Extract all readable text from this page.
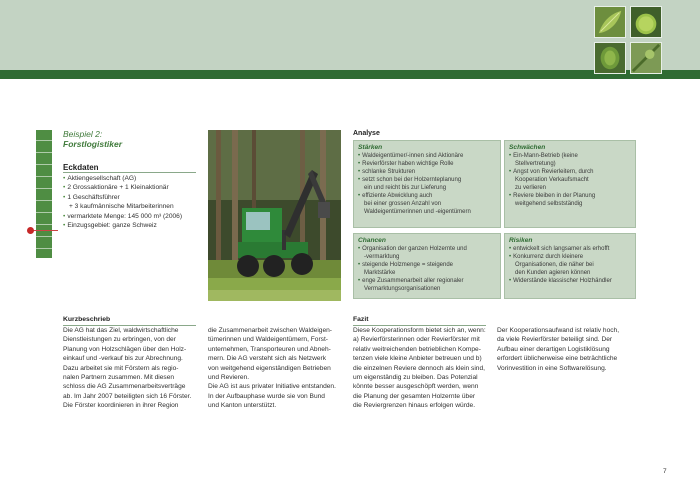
Beispiel 2:
Forstlogistiker
Eckdaten
• Aktiengesellschaft (AG)
• 2 Grossaktionäre + 1 Kleinaktionär
• 1 Geschäftsführer
+ 3 kaufmännische Mitarbeiterinnen
• vermarktete Menge: 145 000 m³ (2006)
• Einzugsgebiet: ganze Schweiz
Analyse
Stärken
• Waldeigentümer/-innen sind Aktionäre
• Revierförster haben wichtige Rolle
• schlanke Strukturen
• setzt schon bei der Holzernteplanung
ein und reicht bis zur Lieferung
• effiziente Abwicklung auch
bei einer grossen Anzahl von
Waldeigentümerinnen und -eigentümern
Schwächen
• Ein-Mann-Betrieb (keine
Stellvertretung)
• Angst von Revierleitern, durch
Kooperation Verkaufsmacht
zu verlieren
• Reviere bleiben in der Planung
weitgehend selbstständig
Chancen
• Organisation der ganzen Holzernte und
-vermarktung
• steigende Holzmenge = steigende
Marktstärke
• enge Zusammenarbeit aller regionaler
Vermarktungsorganisationen
Risiken
• entwickelt sich langsamer als erhofft
• Konkurrenz durch kleinere
Organisationen, die näher bei
den Kunden agieren können
• Widerstände klassischer Holzhändler
Kurzbeschrieb
Die AG hat das Ziel, waldwirtschaftliche
Dienstleistungen zu erbringen, von der
Planung von Holzschlägen über den Holz-
einkauf und -verkauf bis zur Abrechnung.
Dazu arbeitet sie mit Förstern als regio-
nalen Partnern zusammen. Mit diesen
schloss die AG Zusammenarbeitsverträge
ab. Im Jahr 2007 beteiligten sich 16 Förster.
Die Förster koordinieren in ihrer Region
die Zusammenarbeit zwischen Waldeigen-
tümerinnen und Waldeigentümern, Forst-
unternehmen, Transporteuren und Abneh-
mern. Die AG versteht sich als Netzwerk
von weitgehend eigenständigen Betrieben
und Revieren.
Die AG ist aus privater Initiative entstanden.
In der Aufbauphase wurde sie von Bund
und Kanton unterstützt.
Fazit
Diese Kooperationsform bietet sich an, wenn:
a) Revierförsterinnen oder Revierförster mit
relativ weitreichenden betrieblichen Kompe-
tenzen viele kleine Anbieter betreuen und b)
die einzelnen Reviere dennoch als klein sind,
um eigenständig zu bleiben. Das Potenzial
könnte besser ausgeschöpft werden, wenn
die Planung der gesamten Holzernte über
die Reviergrenzen hinaus erfolgen würde.
Der Kooperationsaufwand ist relativ hoch,
da viele Revierförster beteiligt sind. Der
Aufbau einer derartigen Logistiklösung
erfordert üblicherweise eine beträchtliche
Vorinvestition in eine Softwarelösung.
7
